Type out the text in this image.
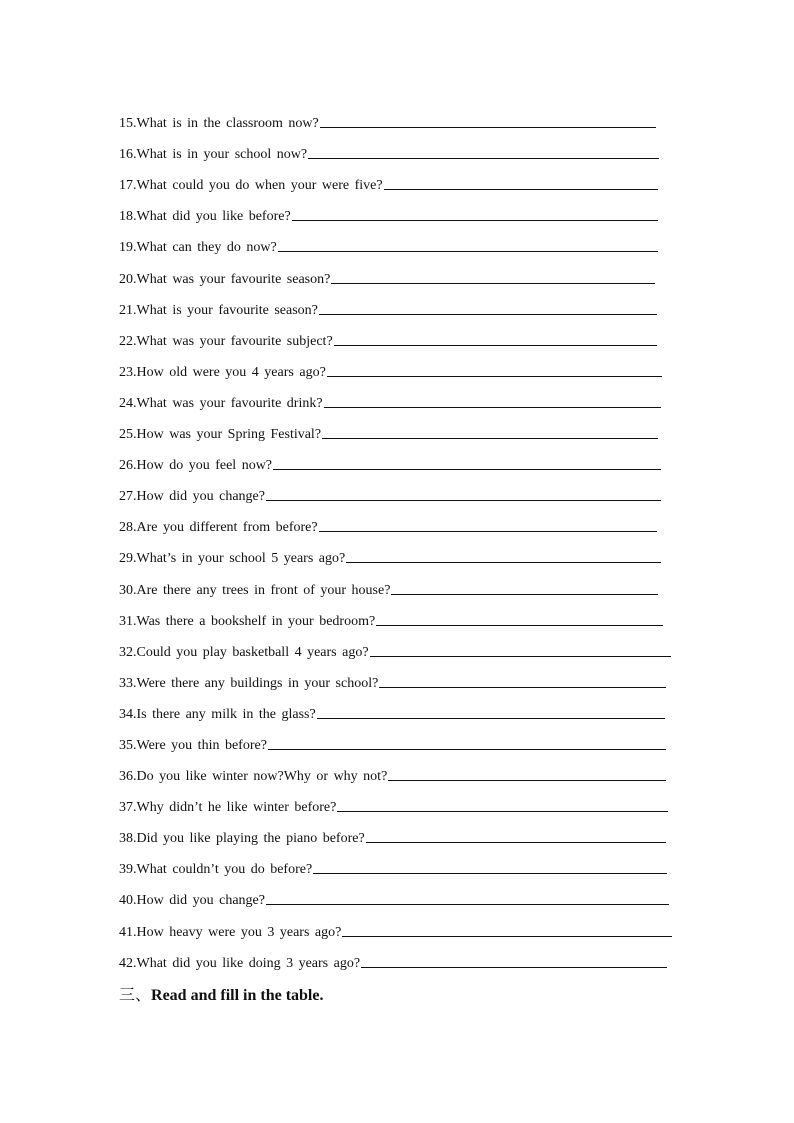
15. What is in the classroom now?
16. What is in your school now?
17. What could you do when your were five?
18. What did you like before?
19. What can they do now?
20. What was your favourite season?
21. What is your favourite season?
22. What was your favourite subject?
23. How old were you 4 years ago?
24. What was your favourite drink?
25. How was your Spring Festival?
26. How do you feel now?
27. How did you change?
28. Are you different from before?
29. What’s in your school 5 years ago?
30. Are there any trees in front of your house?
31. Was there a bookshelf in your bedroom?
32. Could you play basketball 4 years ago?
33. Were there any buildings in your school?
34. Is there any milk in the glass?
35. Were you thin before?
36. Do you like winter now?Why or why not?
37. Why didn’t he like winter before?
38. Did you like playing the piano before?
39. What couldn’t you do before?
40. How did you change?
41. How heavy were you 3 years ago?
42. What did you like doing 3 years ago?
三、Read and fill in the table.
